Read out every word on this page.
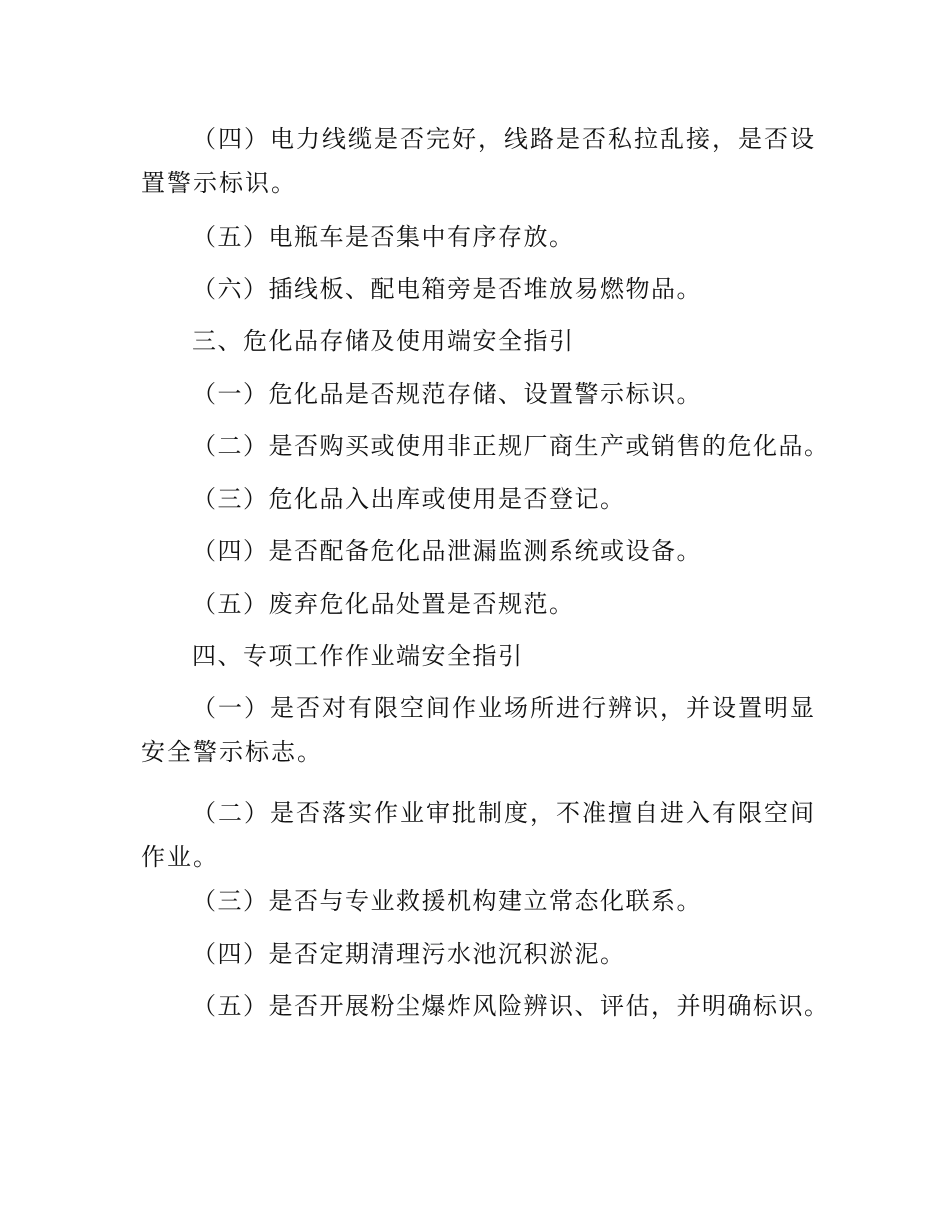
（四）电力线缆是否完好，线路是否私拉乱接，是否设置警示标识。
（五）电瓶车是否集中有序存放。
（六）插线板、配电箱旁是否堆放易燃物品。
三、危化品存储及使用端安全指引
（一）危化品是否规范存储、设置警示标识。
（二）是否购买或使用非正规厂商生产或销售的危化品。
（三）危化品入出库或使用是否登记。
（四）是否配备危化品泄漏监测系统或设备。
（五）废弃危化品处置是否规范。
四、专项工作作业端安全指引
（一）是否对有限空间作业场所进行辨识，并设置明显安全警示标志。
（二）是否落实作业审批制度，不准擅自进入有限空间作业。
（三）是否与专业救援机构建立常态化联系。
（四）是否定期清理污水池沉积淤泥。
（五）是否开展粉尘爆炸风险辨识、评估，并明确标识。
